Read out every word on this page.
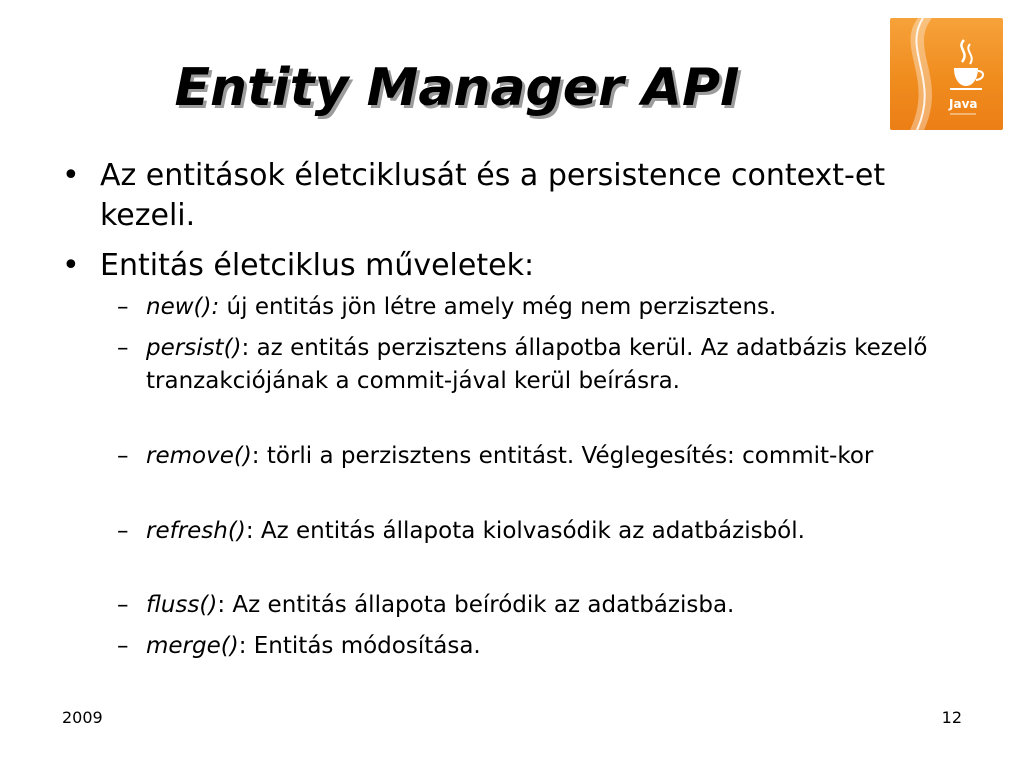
Entity Manager API	Java
• Az entitások életciklusát és a persistence context-et kezeli.
• Entitás életciklus műveletek:
– new(): új entitás jön létre amely még nem perzisztens.
– persist(): az entitás perzisztens állapotba kerül. Az adatbázis kezelő tranzakciójának a commit-jával kerül beírásra.
– remove(): törli a perzisztens entitást. Véglegesítés: commit-kor
– refresh(): Az entitás állapota kiolvasódik az adatbázisból.
– fluss(): Az entitás állapota beíródik az adatbázisba.
– merge(): Entitás módosítása.
2009	12
